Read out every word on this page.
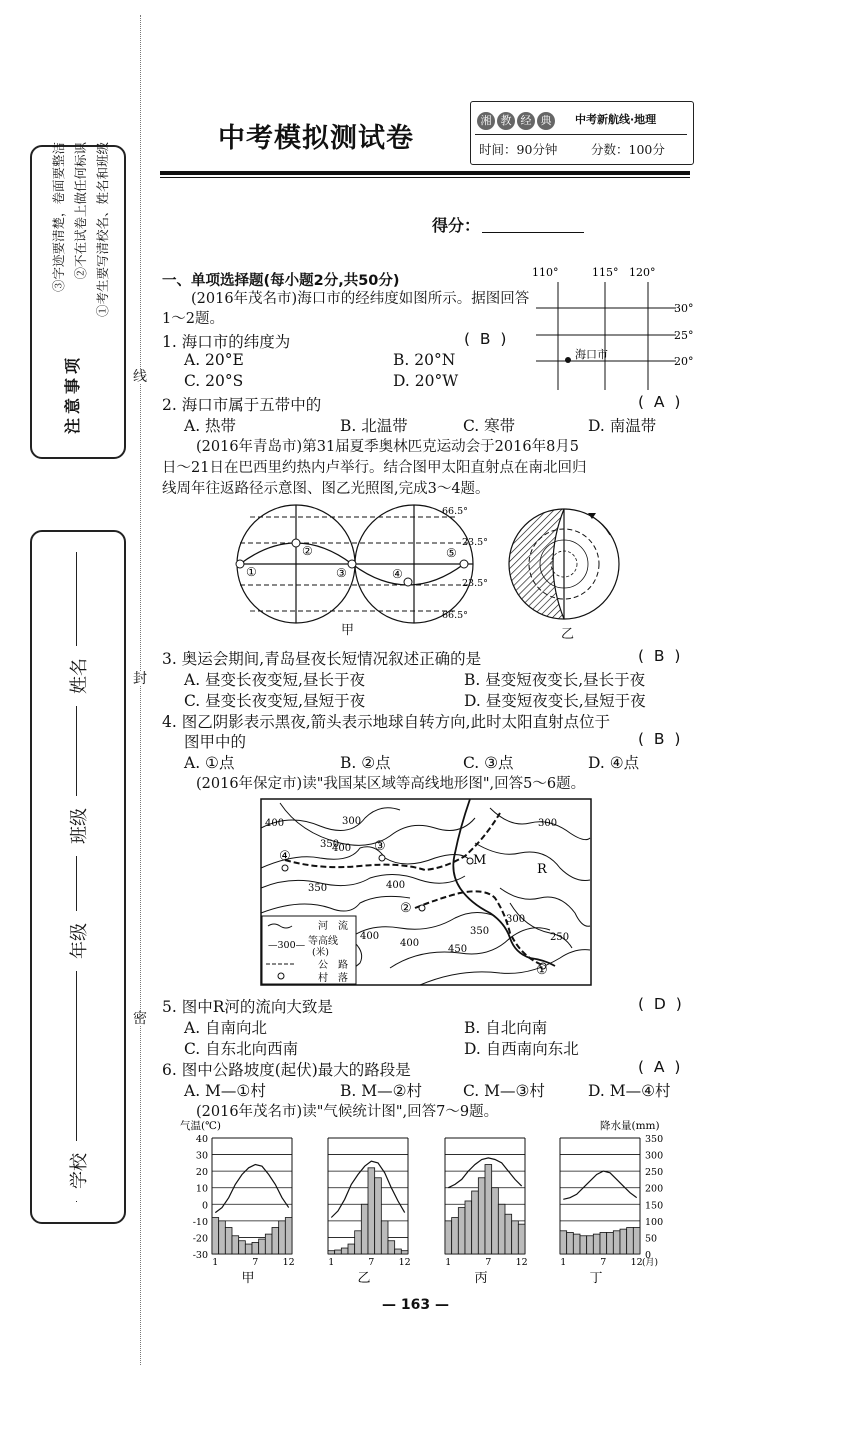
线
封
密
注意事项
①考生要写清校名、姓名和班级
②不在试卷上做任何标识
③字迹要清楚，卷面要整洁
学校
年级
班级
姓名
中考模拟测试卷
湘 教 经 典	中考新航线·地理
时间：90分钟	分数：100分
得分：
一、单项选择题(每小题2分,共50分)
(2016年茂名市)海口市的经纬度如图所示。据图回答1～2题。
110°	115° 120°
30°
25°
20°
海口市
1. 海口市的纬度为	(  B  )
A. 20°E	B. 20°N
C. 20°S	D. 20°W
2. 海口市属于五带中的	(  A  )
A. 热带	B. 北温带	C. 寒带	D. 南温带
(2016年青岛市)第31届夏季奥林匹克运动会于2016年8月5
日～21日在巴西里约热内卢举行。结合图甲太阳直射点在南北回归
线周年往返路径示意图、图乙光照图,完成3～4题。
①
②
③	④
⑤
66.5°
23.5°
23.5°
66.5°
甲	乙
3. 奥运会期间,青岛昼夜长短情况叙述正确的是	(  B  )
A. 昼变长夜变短,昼长于夜	B. 昼变短夜变长,昼长于夜
C. 昼变长夜变短,昼短于夜	D. 昼变短夜变长,昼短于夜
4. 图乙阴影表示黑夜,箭头表示地球自转方向,此时太阳直射点位于
图甲中的	(  B  )
A. ①点	B. ②点	C. ③点	D. ④点
(2016年保定市)读"我国某区域等高线地形图",回答5～6题。
—300—
河　流
等高线
(米)
公　路
村　落
400	300
350
400
300
400
350
400
400
450
350
300
250
①
②
③
④	M
R
5. 图中R河的流向大致是	(  D  )
A. 自南向北	B. 自北向南
C. 自东北向西南	D. 自西南向东北
6. 图中公路坡度(起伏)最大的路段是	(  A  )
A. M—①村	B. M—②村	C. M—③村	D. M—④村
(2016年茂名市)读"气候统计图",回答7～9题。
气温(℃)	降水量(mm)
40
30
20
10
0
-10
-20
-30
350
300
250
200
150
100
50
0
1	7	12
甲
1	7	12
乙
1	7	12
丙
1	7	12 (月)
丁
— 163 —
